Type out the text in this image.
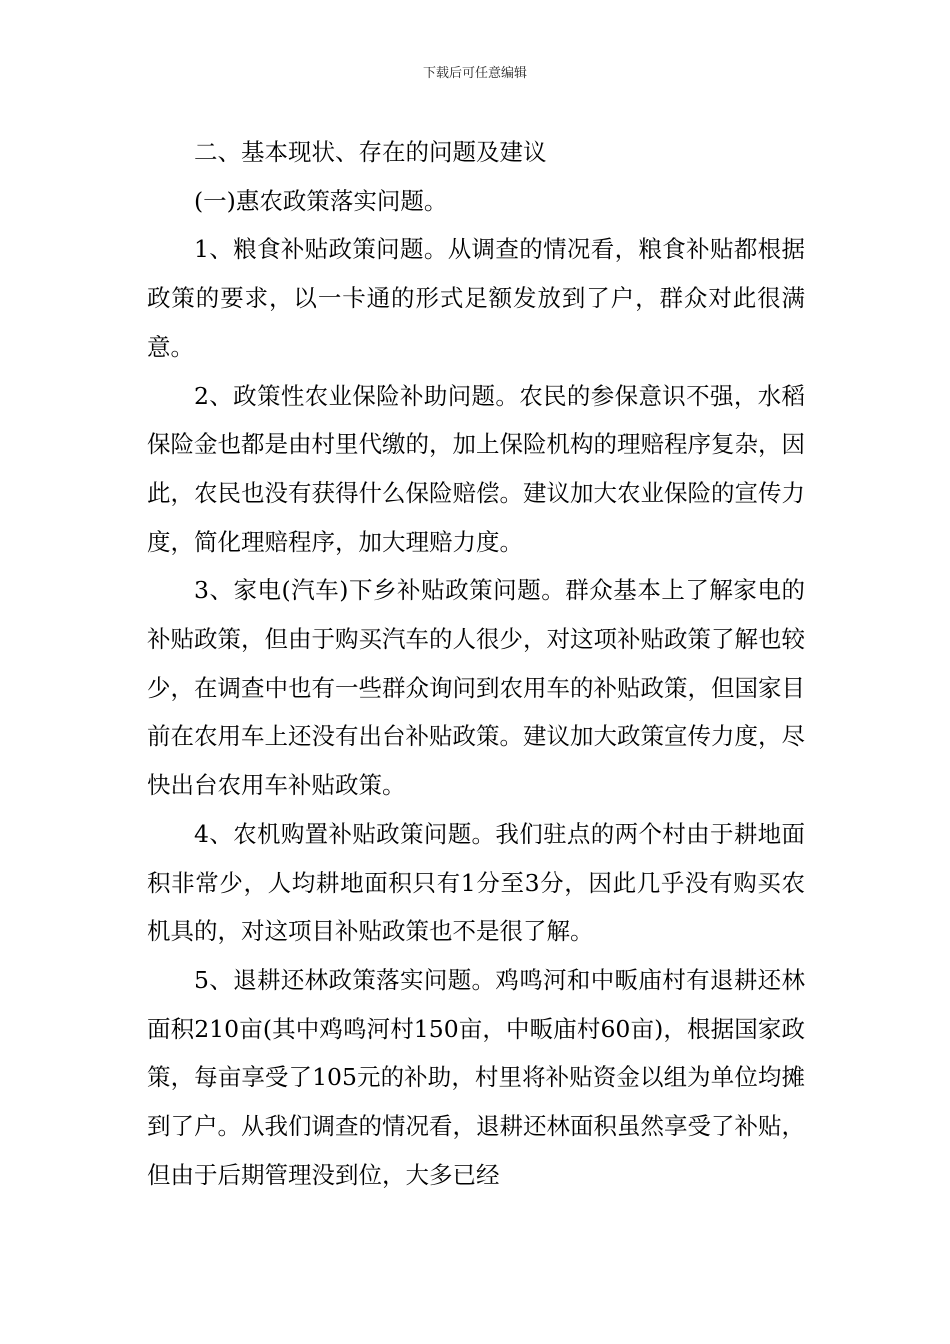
下载后可任意编辑

二、基本现状、存在的问题及建议

(一)惠农政策落实问题。

1、粮食补贴政策问题。从调查的情况看，粮食补贴都根据政策的要求，以一卡通的形式足额发放到了户，群众对此很满意。

2、政策性农业保险补助问题。农民的参保意识不强，水稻保险金也都是由村里代缴的，加上保险机构的理赔程序复杂，因此，农民也没有获得什么保险赔偿。建议加大农业保险的宣传力度，简化理赔程序，加大理赔力度。

3、家电(汽车)下乡补贴政策问题。群众基本上了解家电的补贴政策，但由于购买汽车的人很少，对这项补贴政策了解也较少，在调查中也有一些群众询问到农用车的补贴政策，但国家目前在农用车上还没有出台补贴政策。建议加大政策宣传力度，尽快出台农用车补贴政策。

4、农机购置补贴政策问题。我们驻点的两个村由于耕地面积非常少，人均耕地面积只有1分至3分，因此几乎没有购买农机具的，对这项目补贴政策也不是很了解。

5、退耕还林政策落实问题。鸡鸣河和中畈庙村有退耕还林面积210亩(其中鸡鸣河村150亩，中畈庙村60亩)，根据国家政策，每亩享受了105元的补助，村里将补贴资金以组为单位均摊到了户。从我们调查的情况看，退耕还林面积虽然享受了补贴，但由于后期管理没到位，大多已经
